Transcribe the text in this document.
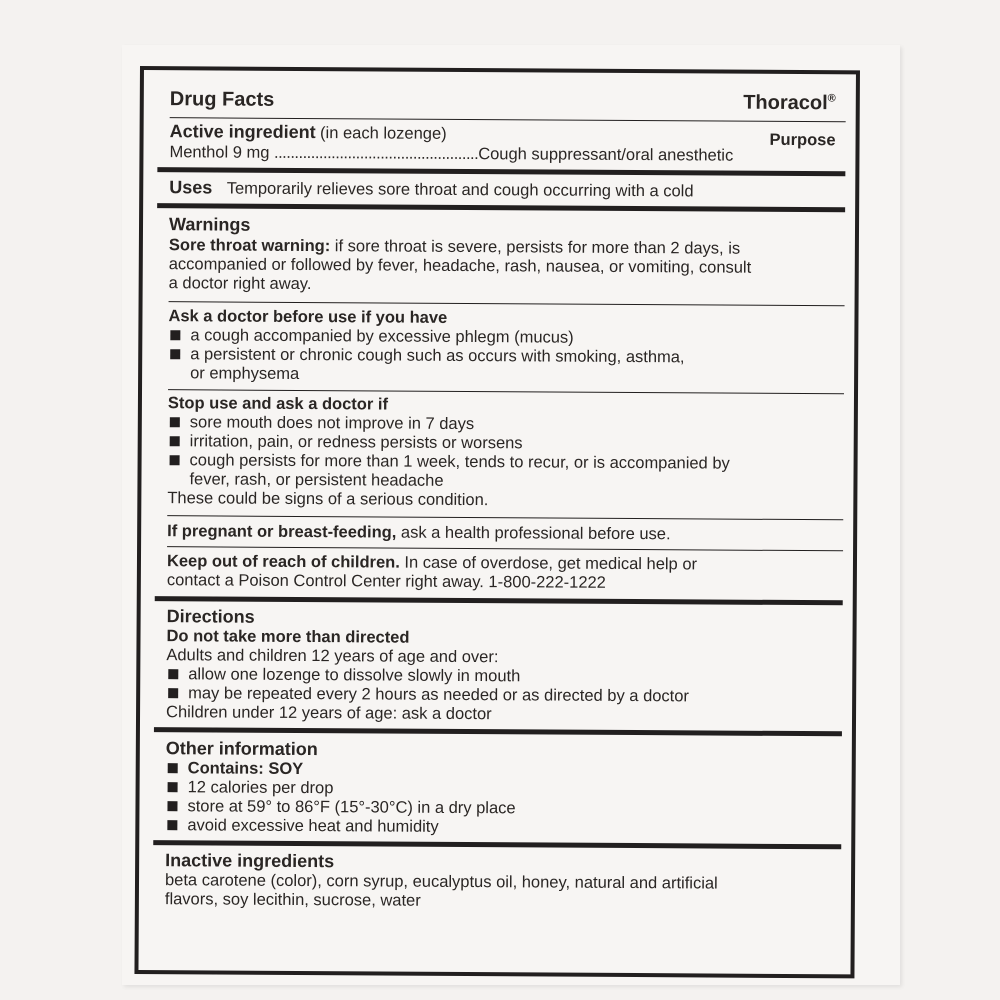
Drug Facts	Thoracol®
Active ingredient (in each lozenge)	Purpose
Menthol 9 mg ..................................................Cough suppressant/oral anesthetic
Uses Temporarily relieves sore throat and cough occurring with a cold
Warnings
Sore throat warning: if sore throat is severe, persists for more than 2 days, is
accompanied or followed by fever, headache, rash, nausea, or vomiting, consult
a doctor right away.
Ask a doctor before use if you have
a cough accompanied by excessive phlegm (mucus)
a persistent or chronic cough such as occurs with smoking, asthma,
or emphysema
Stop use and ask a doctor if
sore mouth does not improve in 7 days
irritation, pain, or redness persists or worsens
cough persists for more than 1 week, tends to recur, or is accompanied by
fever, rash, or persistent headache
These could be signs of a serious condition.
If pregnant or breast-feeding, ask a health professional before use.
Keep out of reach of children. In case of overdose, get medical help or
contact a Poison Control Center right away. 1-800-222-1222
Directions
Do not take more than directed
Adults and children 12 years of age and over:
allow one lozenge to dissolve slowly in mouth
may be repeated every 2 hours as needed or as directed by a doctor
Children under 12 years of age: ask a doctor
Other information
Contains: SOY
12 calories per drop
store at 59° to 86°F (15°-30°C) in a dry place
avoid excessive heat and humidity
Inactive ingredients
beta carotene (color), corn syrup, eucalyptus oil, honey, natural and artificial
flavors, soy lecithin, sucrose, water
